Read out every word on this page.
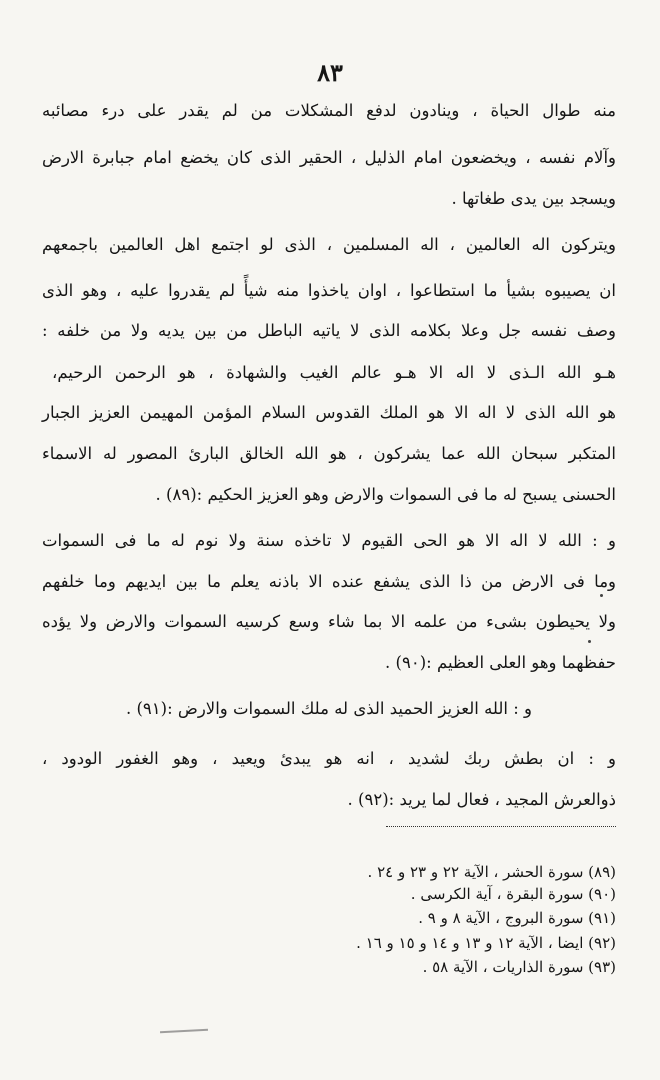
٨٣
منه طوال الحياة ، وينادون لدفع المشكلات من لم يقدر على درء مصائبه
وآلام نفسه ، ويخضعون امام الذليل ، الحقير الذى كان يخضع امام جبابرة الارض
ويسجد بين يدى طغاتها .
ويتركون اله العالمين ، اله المسلمين ، الذى لو اجتمع اهل العالمين باجمعهم
ان يصيبوه بشيأ ما استطاعوا ، اوان ياخذوا منه شيأً لم يقدروا عليه ، وهو الذى
وصف نفسه جل وعلا بكلامه الذى لا ياتيه الباطل من بين يديه ولا من خلفه :
هـو الله الـذى لا اله الا هـو عالم الغيب والشهادة ، هو الرحمن الرحيم،
هو الله الذى لا اله الا هو الملك القدوس السلام المؤمن المهيمن العزيز الجبار
المتكبر سبحان الله عما يشركون ، هو الله الخالق البارئ المصور له الاسماء
الحسنى يسبح له ما فى السموات والارض وهو العزيز الحكيم :(٨٩) .
و : الله لا اله الا هو الحى القيوم لا تاخذه سنة ولا نوم له ما فى السموات
وما فى الارض من ذا الذى يشفع عنده الا باذنه يعلم ما بين ايديهم وما خلفهم
ولا يحيطون بشىء من علمه الا بما شاء وسع كرسيه السموات والارض ولا يؤده
حفظهما وهو العلى العظيم :(٩٠) .
و : الله العزيز الحميد الذى له ملك السموات والارض :(٩١) .
و : ان بطش ربك لشديد ، انه هو يبدئ ويعيد ، وهو الغفور الودود ،
ذوالعرش المجيد ، فعال لما يريد :(٩٢) .
(٨٩) سورة الحشر ، الآية ٢٢ و ٢٣ و ٢٤ .
(٩٠) سورة البقرة ، آية الكرسى .
(٩١) سورة البروج ، الآية ٨ و ٩ .
(٩٢) ايضا ، الآية ١٢ و ١٣ و ١٤ و ١٥ و ١٦ .
(٩٣) سورة الذاريات ، الآية ٥٨ .
